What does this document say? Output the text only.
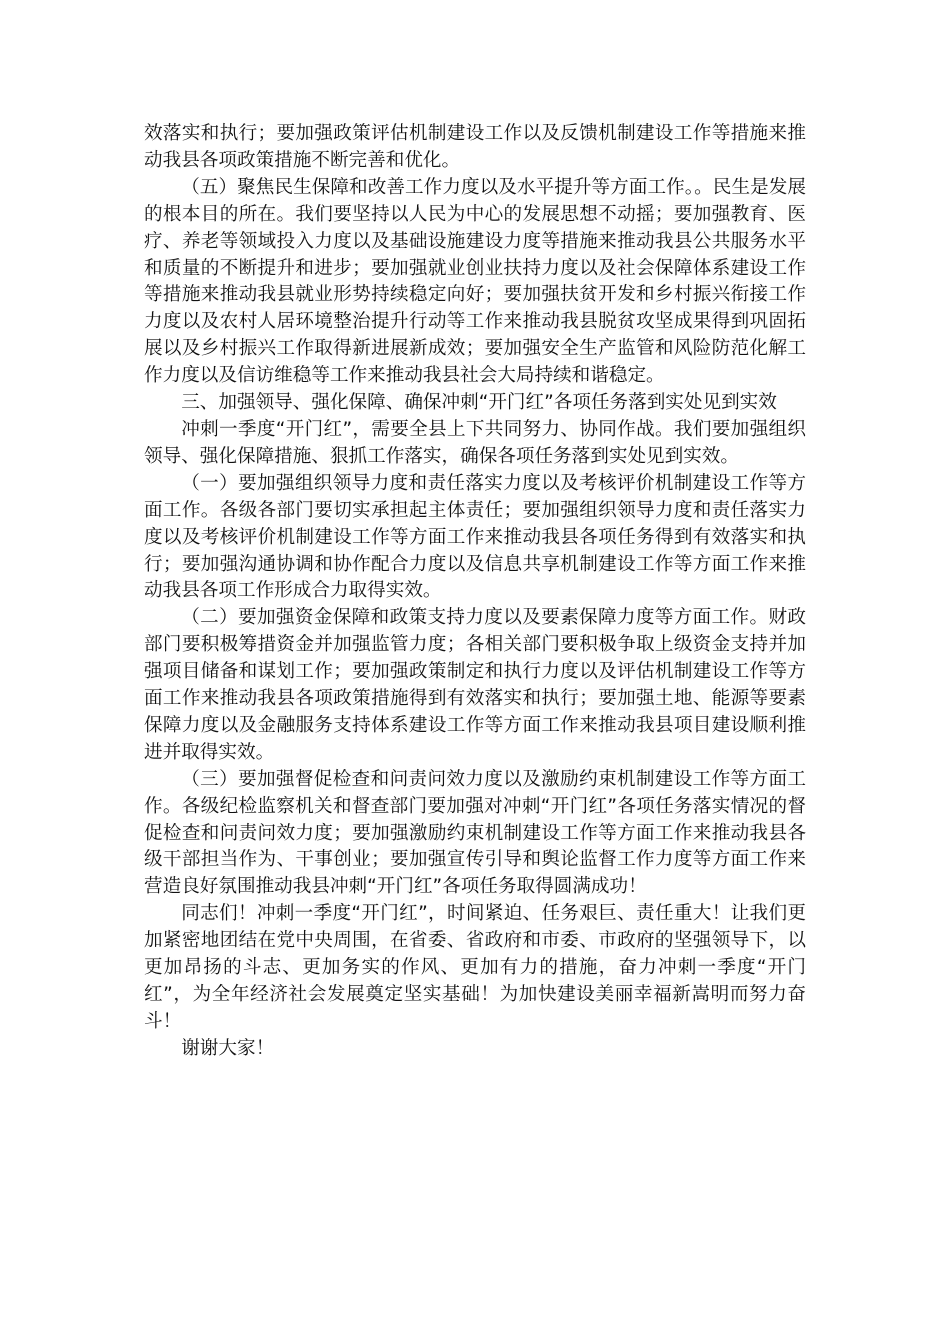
效落实和执行；要加强政策评估机制建设工作以及反馈机制建设工作等措施来推动我县各项政策措施不断完善和优化。

（五）聚焦民生保障和改善工作力度以及水平提升等方面工作。。民生是发展的根本目的所在。我们要坚持以人民为中心的发展思想不动摇；要加强教育、医疗、养老等领域投入力度以及基础设施建设力度等措施来推动我县公共服务水平和质量的不断提升和进步；要加强就业创业扶持力度以及社会保障体系建设工作等措施来推动我县就业形势持续稳定向好；要加强扶贫开发和乡村振兴衔接工作力度以及农村人居环境整治提升行动等工作来推动我县脱贫攻坚成果得到巩固拓展以及乡村振兴工作取得新进展新成效；要加强安全生产监管和风险防范化解工作力度以及信访维稳等工作来推动我县社会大局持续和谐稳定。

三、加强领导、强化保障、确保冲刺“开门红”各项任务落到实处见到实效

冲刺一季度“开门红”，需要全县上下共同努力、协同作战。我们要加强组织领导、强化保障措施、狠抓工作落实，确保各项任务落到实处见到实效。

（一）要加强组织领导力度和责任落实力度以及考核评价机制建设工作等方面工作。各级各部门要切实承担起主体责任；要加强组织领导力度和责任落实力度以及考核评价机制建设工作等方面工作来推动我县各项任务得到有效落实和执行；要加强沟通协调和协作配合力度以及信息共享机制建设工作等方面工作来推动我县各项工作形成合力取得实效。

（二）要加强资金保障和政策支持力度以及要素保障力度等方面工作。财政部门要积极筹措资金并加强监管力度；各相关部门要积极争取上级资金支持并加强项目储备和谋划工作；要加强政策制定和执行力度以及评估机制建设工作等方面工作来推动我县各项政策措施得到有效落实和执行；要加强土地、能源等要素保障力度以及金融服务支持体系建设工作等方面工作来推动我县项目建设顺利推进并取得实效。

（三）要加强督促检查和问责问效力度以及激励约束机制建设工作等方面工作。各级纪检监察机关和督查部门要加强对冲刺“开门红”各项任务落实情况的督促检查和问责问效力度；要加强激励约束机制建设工作等方面工作来推动我县各级干部担当作为、干事创业；要加强宣传引导和舆论监督工作力度等方面工作来营造良好氛围推动我县冲刺“开门红”各项任务取得圆满成功！

同志们！冲刺一季度“开门红”，时间紧迫、任务艰巨、责任重大！让我们更加紧密地团结在党中央周围，在省委、省政府和市委、市政府的坚强领导下，以更加昂扬的斗志、更加务实的作风、更加有力的措施，奋力冲刺一季度“开门红”，为全年经济社会发展奠定坚实基础！为加快建设美丽幸福新嵩明而努力奋斗！

谢谢大家！
